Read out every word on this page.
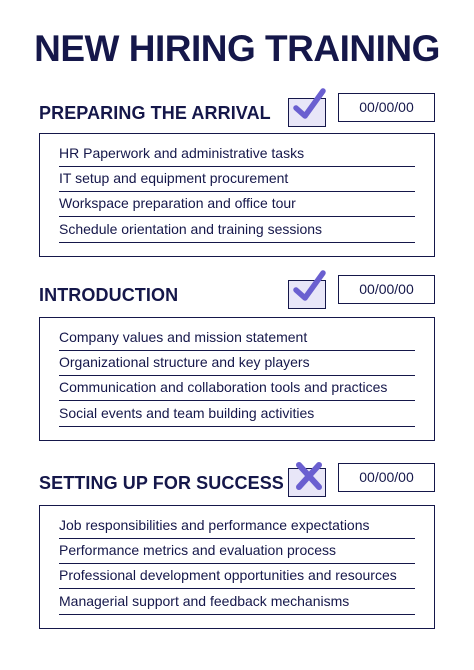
NEW HIRING TRAINING
PREPARING THE ARRIVAL	00/00/00
HR Paperwork and administrative tasks
IT setup and equipment procurement
Workspace preparation and office tour
Schedule orientation and training sessions
INTRODUCTION	00/00/00
Company values and mission statement
Organizational structure and key players
Communication and collaboration tools and practices
Social events and team building activities
SETTING UP FOR SUCCESS	00/00/00
Job responsibilities and performance expectations
Performance metrics and evaluation process
Professional development opportunities and resources
Managerial support and feedback mechanisms
